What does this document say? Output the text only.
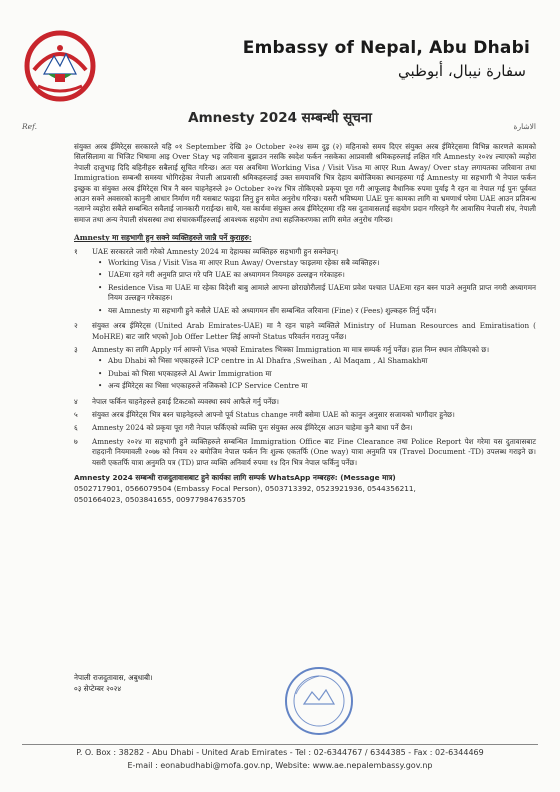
Embassy of Nepal, Abu Dhabi
سفارة نيبال، أبوظبي
Amnesty 2024 सम्बन्धी सूचना
Ref.	الاشارة

संयुक्त अरब ईमिरेट्स सरकारले यहि ०१ September देखि ३० October २०२४ सम्म दुइ (२) महिनाको समय दिएर संयुक्त अरब ईमिरेट्समा विभिन्न कारणले कामको सिलसिलामा वा भिजिट भिषामा आइ Over Stay भइ जरिवाना बुझाउन नसकि स्वदेश फर्कन नसकेका आप्रवासी श्रमिकहरुलाई लक्षित गरि Amnesty २०२४ ल्याएको व्यहोरा नेपाली दाजुभाइ दिदि बहिनीहरु सबैलाई सूचित गरिन्छ। अतः यस अवधिमा Working Visa / Visit Visa मा आएर Run Away/ Over stay लगायतका जरिवाना तथा Immigration सम्बन्धी समस्या भोगिरहेका नेपाली आप्रवासी श्रमिकहरुलाई उक्त समयावधि भित्र देहाय बमोजिमका स्थानहरुमा गई Amnesty मा सहभागी भै नेपाल फर्कन इच्छुक वा संयुक्त अरब ईमिरेट्स भित्र नै बस्न चाहनेहरुले ३० October २०२४ भित्र तोकिएको प्रकृया पूरा गरी आफूलाइ वैधानिक रुपमा पुर्याइ नै रहन वा नेपाल गई पुनः पूर्ववत आउन सक्ने अवसरको कानुनी आधार निर्माण गरी यसबाट फाइदा लिनु हुन समेत अनुरोध गरिन्छ। यसरी भविष्यमा UAE पुनः कामका लागि वा भ्रमणार्थ परेमा UAE आउन प्रतिवन्ध नलाग्ने व्यहोरा सबैले सम्बन्धित सवैलाई जानकारी गराईन्छ। साथै, यस कार्यमा संयुक्त अरब ईमिरेट्समा रहि यस दुतावासलाई सहयोग प्रदान गरिरहने गैर आवासिय नेपाली संघ, नेपाली समाज तथा अन्य नेपाली संघसस्था तथा संचारकर्मीहरुलाई आवश्यक सहयोग तथा सहजिकरणका लागि समेत अनुरोध गरिन्छ।

Amnesty मा सहभागी हुन सक्ने व्यक्तिहरुले जान्नै पर्ने कुराहरु:
१	UAE सरकारले जारी गरेको Amnesty 2024 मा देहायका व्यक्तिहरु सहभागी हुन सक्नेछन्।
• Working Visa / Visit Visa मा आएर Run Away/ Overstay फाइलमा रहेका सबै व्यक्तिहरु।
• UAEमा रहने गरी अनुमति प्राप्त गरे पनि UAE का अध्यागमन नियमहरु उल्लङ्घन गरेकाहरु।
• Residence Visa मा UAE मा रहेका विदेशी बाबु आमाले आफ्ना छोराछोरीलाई UAEमा प्रवेश पश्चात UAEमा रहन बस्न पाउने अनुमति प्राप्त नगरी अध्यागमन नियम उल्लङ्घन गरेकाहरु।
• यस Amnesty मा सहभागी हुने कसैले UAE को अध्यागमन सँग सम्बन्धित जरिवाना (Fine) र (Fees) शुल्कहरु तिर्नु पर्दैन।
२	संयुक्त अरब ईमिरेट्स (United Arab Emirates-UAE) मा नै रहन चाहने व्यक्तिले Ministry of Human Resources and Emiratisation ( MoHRE) बाट जारि भएको Job Offer Letter लिई आफ्नो Status परिवर्तन गराउनु पर्नेछ।
३	Amnesty का लागि Apply गर्न आफ्नो Visa भएको Emirates भित्रका Immigration मा मात्र सम्पर्क गर्नु पर्नेछ। हाल निम्न स्थान तोकिएको छ।
• Abu Dhabi को भिसा भएकाहरुले ICP centre in Al Dhafra ,Sweihan , Al Maqam , Al Shamakhमा
• Dubai को भिसा भएकाहरुले Al Awir Immigration मा
• अन्य ईमिरेट्स का भिसा भएकाहरुले नजिकको ICP Service Centre मा
४	नेपाल फर्किन चाहनेहरुले हवाई टिकटको व्यवस्था स्वयं आफैले गर्नु पर्नेछ।
५	संयुक्त अरब ईमिरेट्स भित्र बस्न चाहनेहरुले आफ्नो पूर्व Status change नगरी बसेमा UAE को कानुन अनुसार सजायको भागीदार हुनेछ।
६	Amnesty 2024 को प्रकृया पूरा गरी नेपाल फर्किएको व्यक्ति पुनः संयुक्त अरब ईमिरेट्स आउन चाहेमा कुनै बाधा पर्ने छैन।
७	Amnesty २०२४ मा सहभागी हुने व्यक्तिहरुले सम्बन्धित Immigration Office बाट Fine Clearance तथा Police Report पेश गरेमा यस दुतावासबाट राहदानी नियमावली २०७७ को नियम २२ बमोजिम नेपाल फर्कन निः शुल्क एकतर्फि (One way) यात्रा अनुमति पत्र (Travel Document -TD) उपलब्ध गराइने छ। यसरी एकतर्फि यात्रा अनुमति पत्र (TD) प्राप्त व्यक्ति अनिवार्य रुपमा १४ दिन भित्र नेपाल फर्किनु पर्नेछ।
Amnesty 2024 सम्बन्धी राजदुतावासबाट हुने कार्यका लागि सम्पर्क WhatsApp नम्बरहरु: (Message मात्र)
0502717901, 0566079504 (Embassy Focal Person), 0503713392, 0523921936, 0544356211,
0501664023, 0503841655, 009779847635705
नेपाली राजदुतावास, अबुधाबी।
०३ सेप्टेम्बर २०२४
P. O. Box : 38282 - Abu Dhabi - United Arab Emirates - Tel : 02-6344767 / 6344385 - Fax : 02-6344469
E-mail : eonabudhabi@mofa.gov.np, Website: www.ae.nepalembassy.gov.np
